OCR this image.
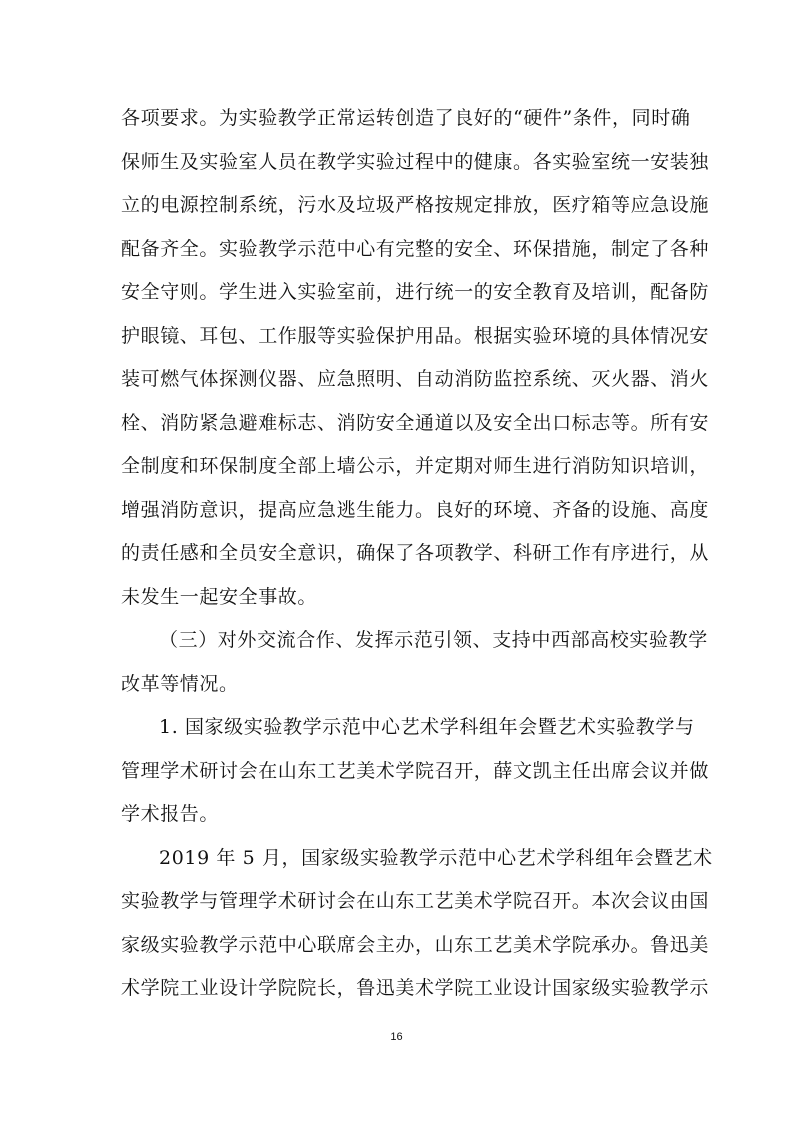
各项要求。为实验教学正常运转创造了良好的“硬件”条件，同时确
保师生及实验室人员在教学实验过程中的健康。各实验室统一安装独
立的电源控制系统，污水及垃圾严格按规定排放，医疗箱等应急设施
配备齐全。实验教学示范中心有完整的安全、环保措施，制定了各种
安全守则。学生进入实验室前，进行统一的安全教育及培训，配备防
护眼镜、耳包、工作服等实验保护用品。根据实验环境的具体情况安
装可燃气体探测仪器、应急照明、自动消防监控系统、灭火器、消火
栓、消防紧急避难标志、消防安全通道以及安全出口标志等。所有安
全制度和环保制度全部上墙公示，并定期对师生进行消防知识培训，
增强消防意识，提高应急逃生能力。良好的环境、齐备的设施、高度
的责任感和全员安全意识，确保了各项教学、科研工作有序进行，从
未发生一起安全事故。
（三）对外交流合作、发挥示范引领、支持中西部高校实验教学
改革等情况。
1. 国家级实验教学示范中心艺术学科组年会暨艺术实验教学与
管理学术研讨会在山东工艺美术学院召开，薛文凯主任出席会议并做
学术报告。
2019 年 5 月，国家级实验教学示范中心艺术学科组年会暨艺术
实验教学与管理学术研讨会在山东工艺美术学院召开。本次会议由国
家级实验教学示范中心联席会主办，山东工艺美术学院承办。鲁迅美
术学院工业设计学院院长，鲁迅美术学院工业设计国家级实验教学示
16
